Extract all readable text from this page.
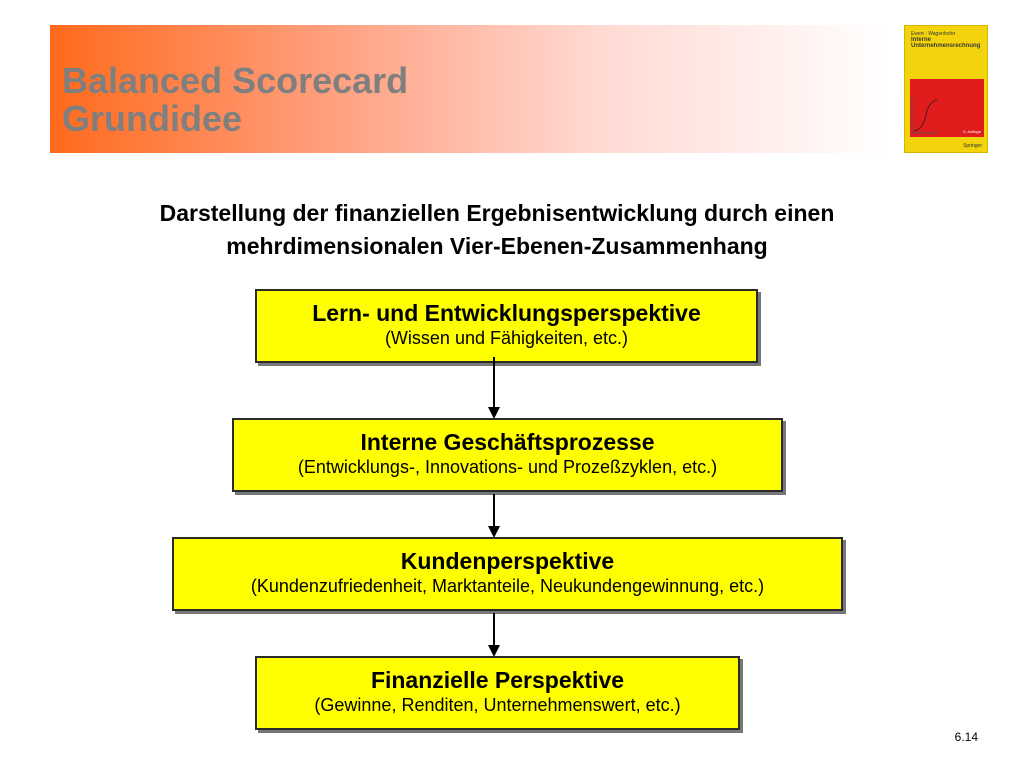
Balanced Scorecard
Grundidee
Ewert · Wagenhofer
Interne
Unternehmensrechnung
5. Auflage
Springer

Darstellung der finanziellen Ergebnisentwicklung durch einen
mehrdimensionalen Vier-Ebenen-Zusammenhang

Lern- und Entwicklungsperspektive
(Wissen und Fähigkeiten, etc.)
Interne Geschäftsprozesse
(Entwicklungs-, Innovations- und Prozeßzyklen, etc.)
Kundenperspektive
(Kundenzufriedenheit, Marktanteile, Neukundengewinnung, etc.)
Finanzielle Perspektive
(Gewinne, Renditen, Unternehmenswert, etc.)
6.14
